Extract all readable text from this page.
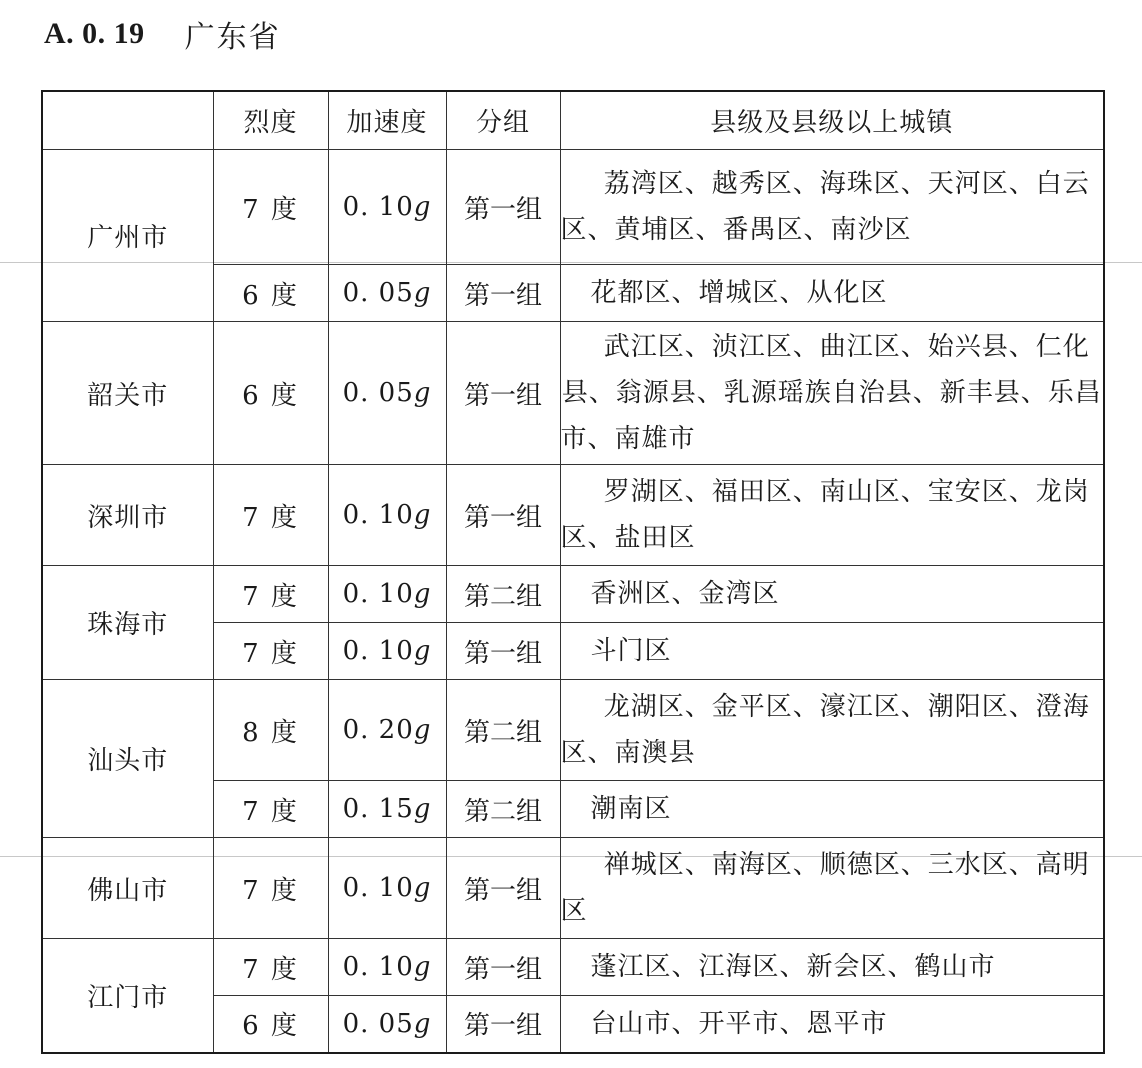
A. 0. 19 广东省
	烈度	加速度	分组	县级及县级以上城镇
广州市	7 度	0. 10g	第一组	荔湾区、越秀区、海珠区、天河区、白云区、黄埔区、番禺区、南沙区
	6 度	0. 05g	第一组	花都区、增城区、从化区
韶关市	6 度	0. 05g	第一组	武江区、浈江区、曲江区、始兴县、仁化县、翁源县、乳源瑶族自治县、新丰县、乐昌市、南雄市
深圳市	7 度	0. 10g	第一组	罗湖区、福田区、南山区、宝安区、龙岗区、盐田区
珠海市	7 度	0. 10g	第二组	香洲区、金湾区
	7 度	0. 10g	第一组	斗门区
汕头市	8 度	0. 20g	第二组	龙湖区、金平区、濠江区、潮阳区、澄海区、南澳县
	7 度	0. 15g	第二组	潮南区
佛山市	7 度	0. 10g	第一组	禅城区、南海区、顺德区、三水区、高明区
江门市	7 度	0. 10g	第一组	蓬江区、江海区、新会区、鹤山市
	6 度	0. 05g	第一组	台山市、开平市、恩平市
